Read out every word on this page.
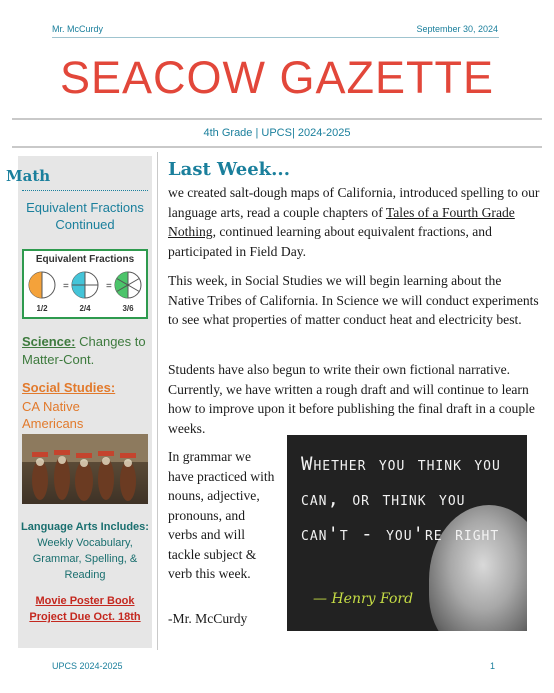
Mr. McCurdy	September 30, 2024
SEACOW GAZETTE
4th Grade | UPCS| 2024-2025
Math
Equivalent Fractions Continued
Equivalent Fractions
=	=
1/2	2/4	3/6
Science: Changes to Matter-Cont.
Social Studies:
CA Native Americans
Language Arts Includes: Weekly Vocabulary, Grammar, Spelling, & Reading
Movie Poster Book Project Due Oct. 18th
Last Week...
we created salt-dough maps of California, introduced spelling to our language arts, read a couple chapters of Tales of a Fourth Grade Nothing, continued learning about equivalent fractions, and participated in Field Day.
This week, in Social Studies we will begin learning about the Native Tribes of California. In Science we will conduct experiments to see what properties of matter conduct heat and electricity best.
Students have also begun to write their own fictional narrative. Currently, we have written a rough draft and will continue to learn how to improve upon it before publishing the final draft in a couple weeks.
In grammar we have practiced with nouns, adjective, pronouns, and verbs and will tackle subject & verb this week.
-Mr. McCurdy
Whether you think you can, or think you can't - you're right
— Henry Ford
UPCS 2024-2025	1
